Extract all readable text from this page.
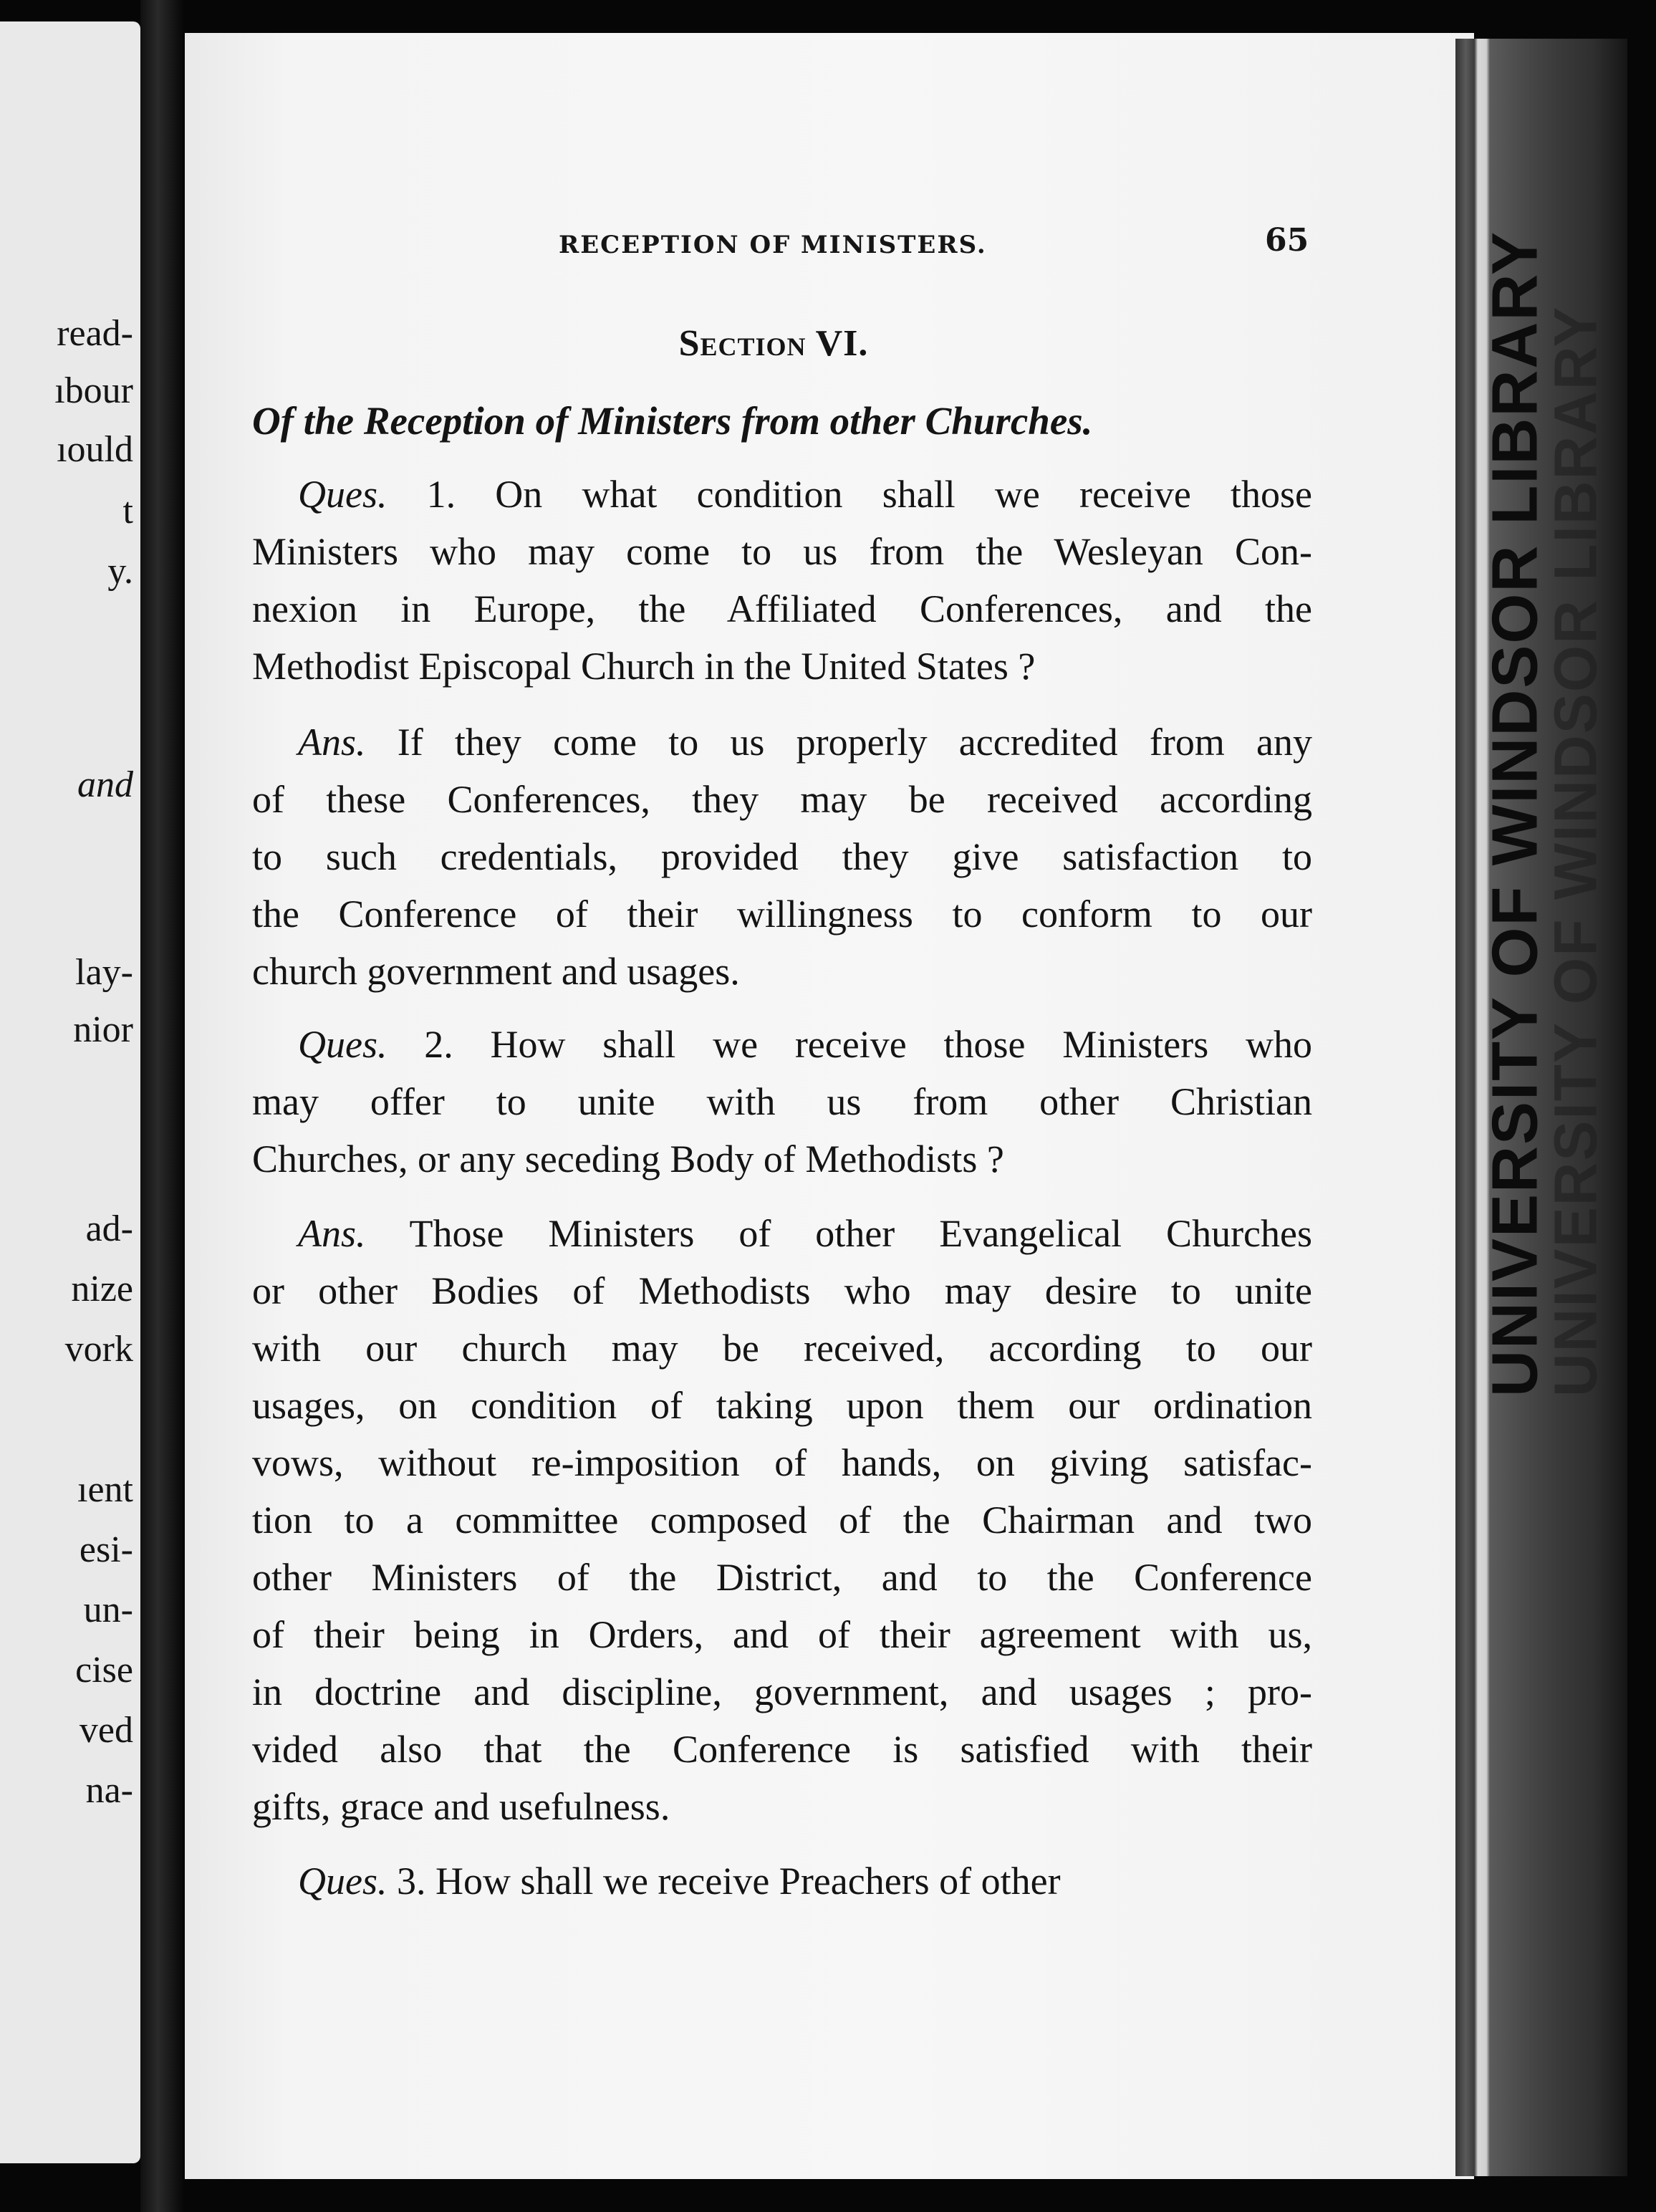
read-

ıbour

ıould

t

y.

and

lay-

nior

ad-

nize

vork

ıent

esi-

un-

cise

ved

na-

UNIVERSITY OF WINDSOR LIBRARY
UNIVERSITY OF WINDSOR LIBRARY

RECEPTION OF MINISTERS.	65

Section VI.
Of the Reception of Ministers from other Churches.
Ques. 1. On what condition shall we receive those
Ministers who may come to us from the Wesleyan Con-
nexion in Europe, the Affiliated Conferences, and the
Methodist Episcopal Church in the United States ?
Ans. If they come to us properly accredited from any
of these Conferences, they may be received according
to such credentials, provided they give satisfaction to
the Conference of their willingness to conform to our
church government and usages.
Ques. 2. How shall we receive those Ministers who
may offer to unite with us from other Christian
Churches, or any seceding Body of Methodists ?
Ans. Those Ministers of other Evangelical Churches
or other Bodies of Methodists who may desire to unite
with our church may be received, according to our
usages, on condition of taking upon them our ordination
vows, without re-imposition of hands, on giving satisfac-
tion to a committee composed of the Chairman and two
other Ministers of the District, and to the Conference
of their being in Orders, and of their agreement with us,
in doctrine and discipline, government, and usages ; pro-
vided also that the Conference is satisfied with their
gifts, grace and usefulness.
Ques. 3. How shall we receive Preachers of other
